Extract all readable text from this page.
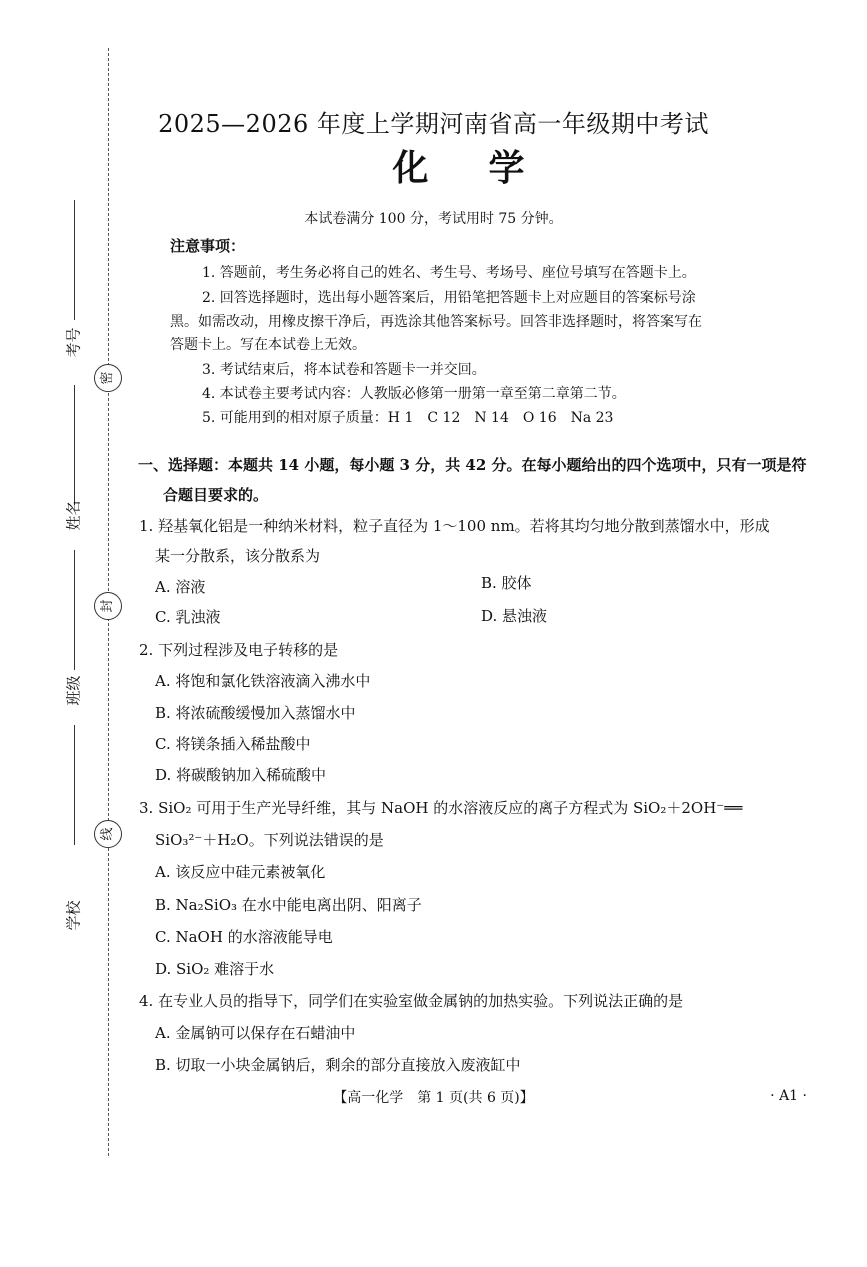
考号
密
姓名
封
班级
线
学校
2025—2026 年度上学期河南省高一年级期中考试
化学
本试卷满分 100 分，考试用时 75 分钟。
注意事项：
1. 答题前，考生务必将自己的姓名、考生号、考场号、座位号填写在答题卡上。
2. 回答选择题时，选出每小题答案后，用铅笔把答题卡上对应题目的答案标号涂
黑。如需改动，用橡皮擦干净后，再选涂其他答案标号。回答非选择题时，将答案写在
答题卡上。写在本试卷上无效。
3. 考试结束后，将本试卷和答题卡一并交回。
4. 本试卷主要考试内容：人教版必修第一册第一章至第二章第二节。
5. 可能用到的相对原子质量：H 1　C 12　N 14　O 16　Na 23
一、选择题：本题共 14 小题，每小题 3 分，共 42 分。在每小题给出的四个选项中，只有一项是符
合题目要求的。
1. 羟基氧化铝是一种纳米材料，粒子直径为 1～100 nm。若将其均匀地分散到蒸馏水中，形成
某一分散系，该分散系为
A. 溶液	B. 胶体
C. 乳浊液	D. 悬浊液
2. 下列过程涉及电子转移的是
A. 将饱和氯化铁溶液滴入沸水中
B. 将浓硫酸缓慢加入蒸馏水中
C. 将镁条插入稀盐酸中
D. 将碳酸钠加入稀硫酸中
3. SiO₂ 可用于生产光导纤维，其与 NaOH 的水溶液反应的离子方程式为 SiO₂＋2OH⁻══
SiO₃²⁻＋H₂O。下列说法错误的是
A. 该反应中硅元素被氧化
B. Na₂SiO₃ 在水中能电离出阴、阳离子
C. NaOH 的水溶液能导电
D. SiO₂ 难溶于水
4. 在专业人员的指导下，同学们在实验室做金属钠的加热实验。下列说法正确的是
A. 金属钠可以保存在石蜡油中
B. 切取一小块金属钠后，剩余的部分直接放入废液缸中
【高一化学　第 1 页(共 6 页)】	· A1 ·
